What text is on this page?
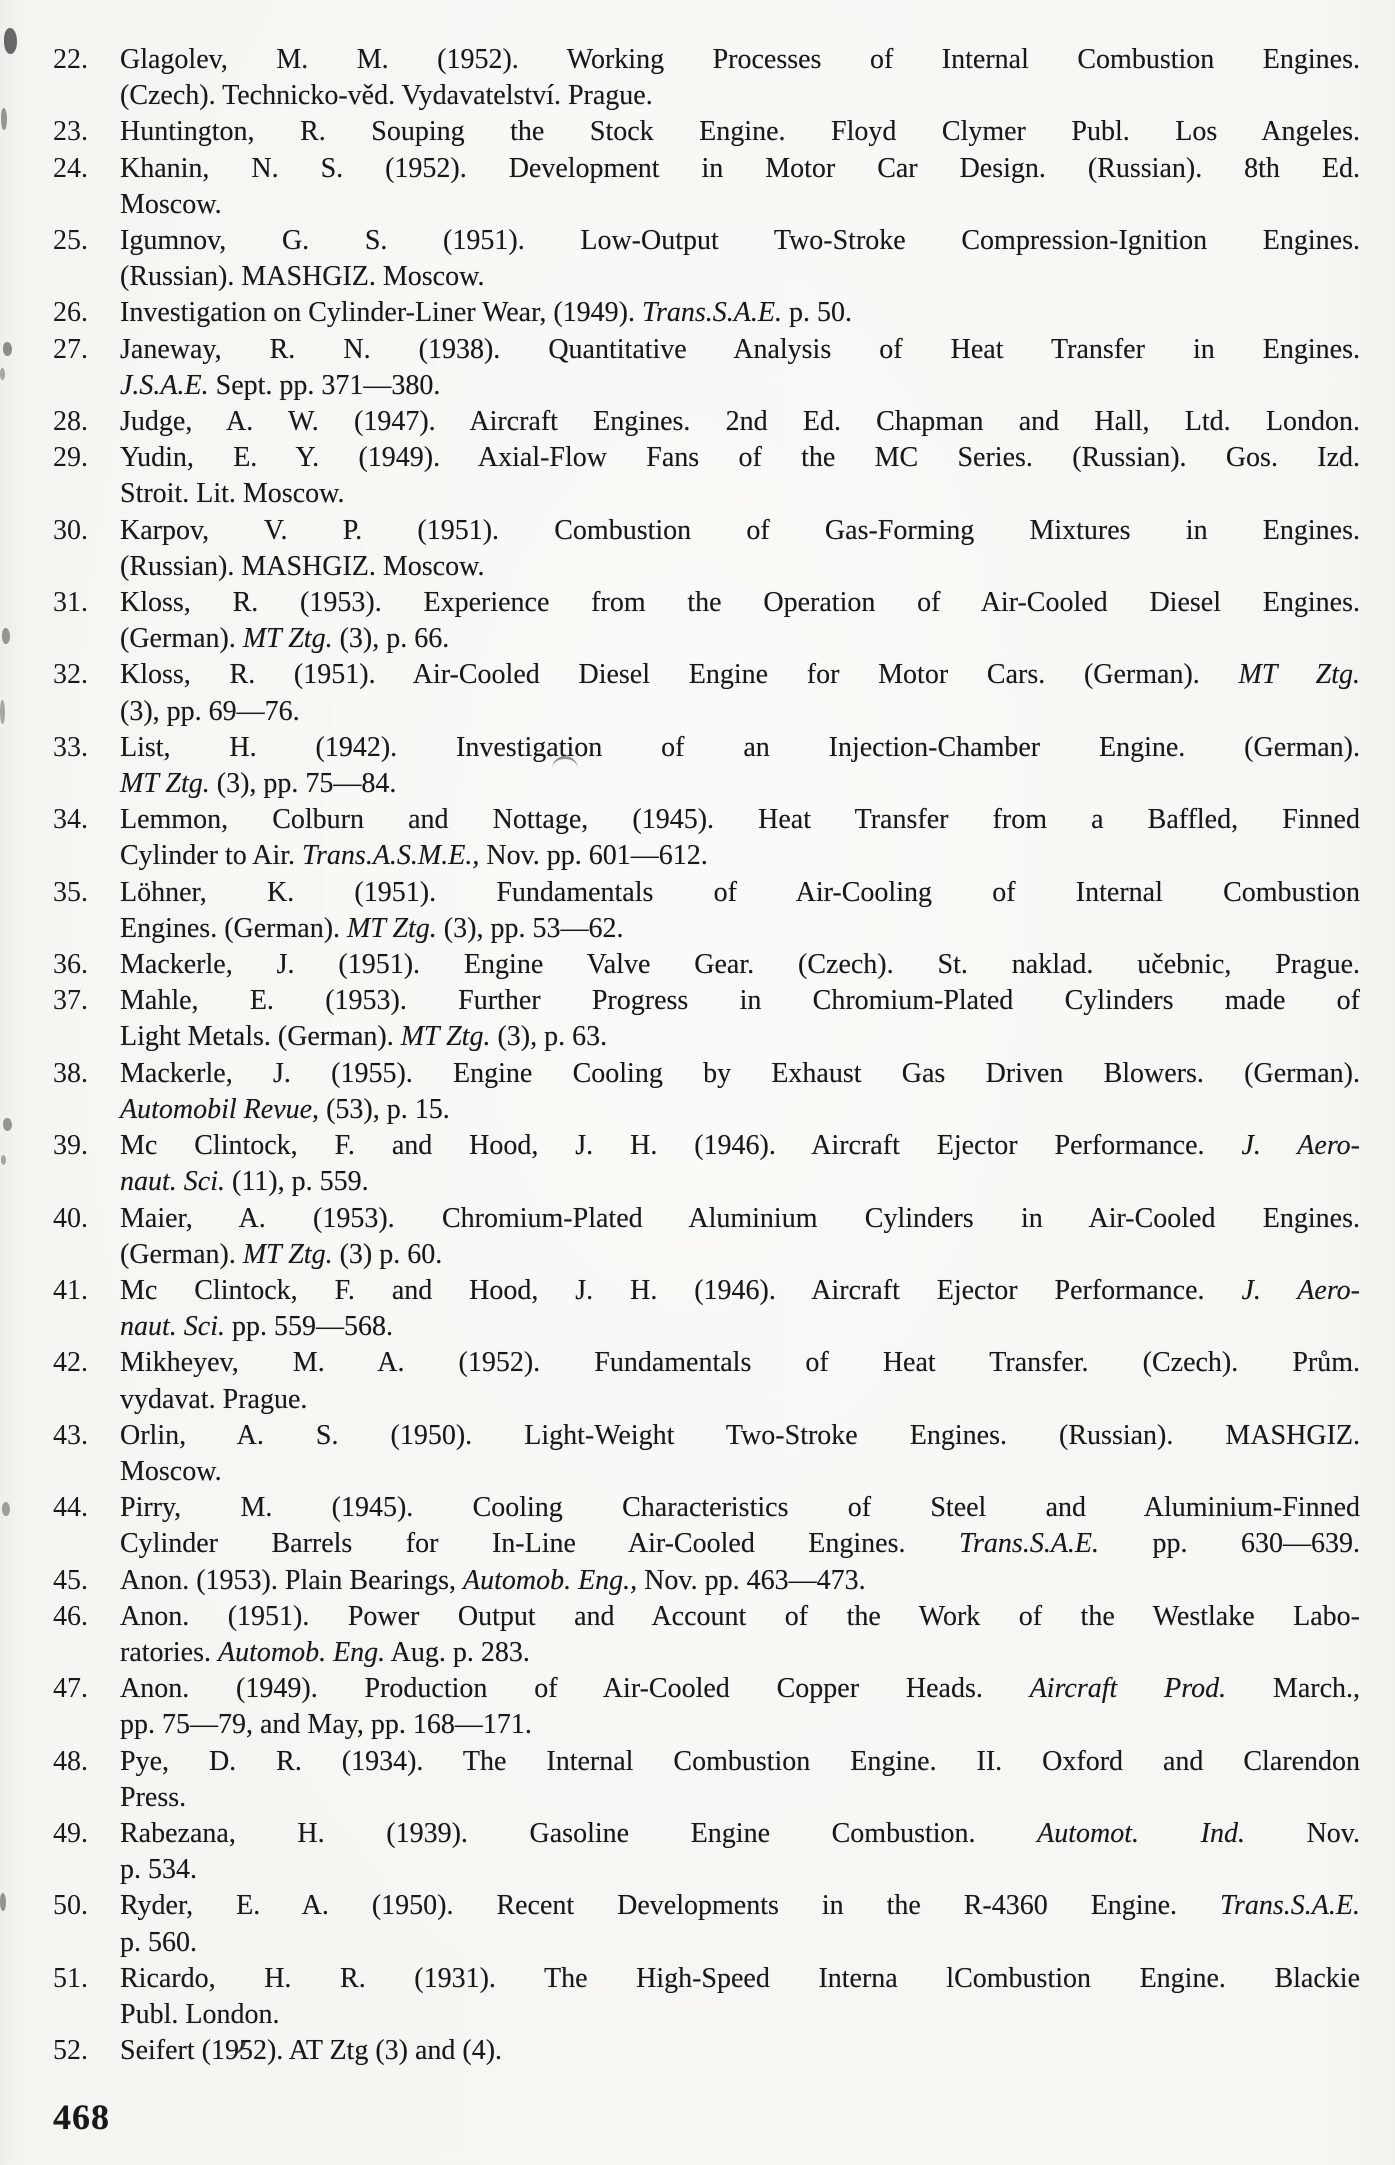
22.	Glagolev, M. M. (1952). Working Processes of Internal Combustion Engines.
(Czech). Technicko-věd. Vydavatelství. Prague.
23.	Huntington, R. Souping the Stock Engine. Floyd Clymer Publ. Los Angeles.
24.	Khanin, N. S. (1952). Development in Motor Car Design. (Russian). 8th Ed.
Moscow.
25.	Igumnov, G. S. (1951). Low-Output Two-Stroke Compression-Ignition Engines.
(Russian). MASHGIZ. Moscow.
26.	Investigation on Cylinder-Liner Wear, (1949). Trans.S.A.E. p. 50.
27.	Janeway, R. N. (1938). Quantitative Analysis of Heat Transfer in Engines.
J.S.A.E. Sept. pp. 371—380.
28.	Judge, A. W. (1947). Aircraft Engines. 2nd Ed. Chapman and Hall, Ltd. London.
29.	Yudin, E. Y. (1949). Axial-Flow Fans of the MC Series. (Russian). Gos. Izd.
Stroit. Lit. Moscow.
30.	Karpov, V. P. (1951). Combustion of Gas-Forming Mixtures in Engines.
(Russian). MASHGIZ. Moscow.
31.	Kloss, R. (1953). Experience from the Operation of Air-Cooled Diesel Engines.
(German). MT Ztg. (3), p. 66.
32.	Kloss, R. (1951). Air-Cooled Diesel Engine for Motor Cars. (German). MT Ztg.
(3), pp. 69—76.
33.	List, H. (1942). Investigation of an Injection-Chamber Engine. (German).
MT Ztg. (3), pp. 75—84.
34.	Lemmon, Colburn and Nottage, (1945). Heat Transfer from a Baffled, Finned
Cylinder to Air. Trans.A.S.M.E., Nov. pp. 601—612.
35.	Löhner, K. (1951). Fundamentals of Air-Cooling of Internal Combustion
Engines. (German). MT Ztg. (3), pp. 53—62.
36.	Mackerle, J. (1951). Engine Valve Gear. (Czech). St. naklad. učebnic, Prague.
37.	Mahle, E. (1953). Further Progress in Chromium-Plated Cylinders made of
Light Metals. (German). MT Ztg. (3), p. 63.
38.	Mackerle, J. (1955). Engine Cooling by Exhaust Gas Driven Blowers. (German).
Automobil Revue, (53), p. 15.
39.	Mc Clintock, F. and Hood, J. H. (1946). Aircraft Ejector Performance. J. Aero-
naut. Sci. (11), p. 559.
40.	Maier, A. (1953). Chromium-Plated Aluminium Cylinders in Air-Cooled Engines.
(German). MT Ztg. (3) p. 60.
41.	Mc Clintock, F. and Hood, J. H. (1946). Aircraft Ejector Performance. J. Aero-
naut. Sci. pp. 559—568.
42.	Mikheyev, M. A. (1952). Fundamentals of Heat Transfer. (Czech). Prům.
vydavat. Prague.
43.	Orlin, A. S. (1950). Light-Weight Two-Stroke Engines. (Russian). MASHGIZ.
Moscow.
44.	Pirry, M. (1945). Cooling Characteristics of Steel and Aluminium-Finned
Cylinder Barrels for In-Line Air-Cooled Engines. Trans.S.A.E. pp. 630—639.
45.	Anon. (1953). Plain Bearings, Automob. Eng., Nov. pp. 463—473.
46.	Anon. (1951). Power Output and Account of the Work of the Westlake Labo-
ratories. Automob. Eng. Aug. p. 283.
47.	Anon. (1949). Production of Air-Cooled Copper Heads. Aircraft Prod. March.,
pp. 75—79, and May, pp. 168—171.
48.	Pye, D. R. (1934). The Internal Combustion Engine. II. Oxford and Clarendon
Press.
49.	Rabezana, H. (1939). Gasoline Engine Combustion. Automot. Ind. Nov.
p. 534.
50.	Ryder, E. A. (1950). Recent Developments in the R-4360 Engine. Trans.S.A.E.
p. 560.
51.	Ricardo, H. R. (1931). The High-Speed Interna lCombustion Engine. Blackie
Publ. London.
52.	Seifert (1952). AT Ztg (3) and (4).
468
